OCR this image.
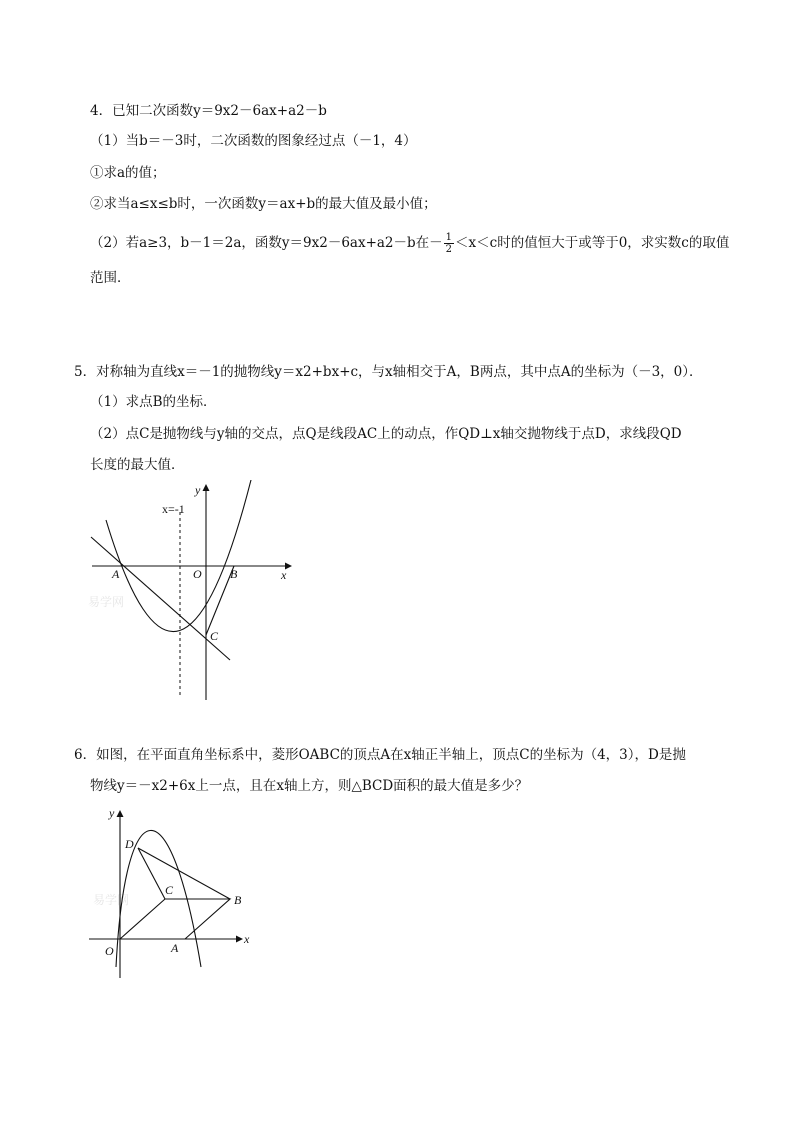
4．已知二次函数y＝9x2－6ax+a2－b
（1）当b＝－3时，二次函数的图象经过点（－1，4）
①求a的值；
②求当a≤x≤b时，一次函数y＝ax+b的最大值及最小值；
（2）若a≥3，b－1＝2a，函数y＝9x2－6ax+a2－b在－ $\frac{1}{2} <x<c$时的值恒大于或等于0，求实数c的取值
范围．
5．对称轴为直线x＝－1的抛物线y＝x2+bx+c，与x轴相交于A，B两点，其中点A的坐标为（－3，0）．
（1）求点B的坐标．
（2）点C是抛物线与y轴的交点，点Q是线段AC上的动点，作QD⊥x轴交抛物线于点D，求线段QD
长度的最大值．
易学网
x=-1
x
y
A	O B
C
6．如图，在平面直角坐标系中，菱形OABC的顶点A在x轴正半轴上，顶点C的坐标为（4，3），D是抛
物线y＝－x2+6x上一点，且在x轴上方，则△BCD面积的最大值是多少？
易学网
x
y
O	A
B
C
D
